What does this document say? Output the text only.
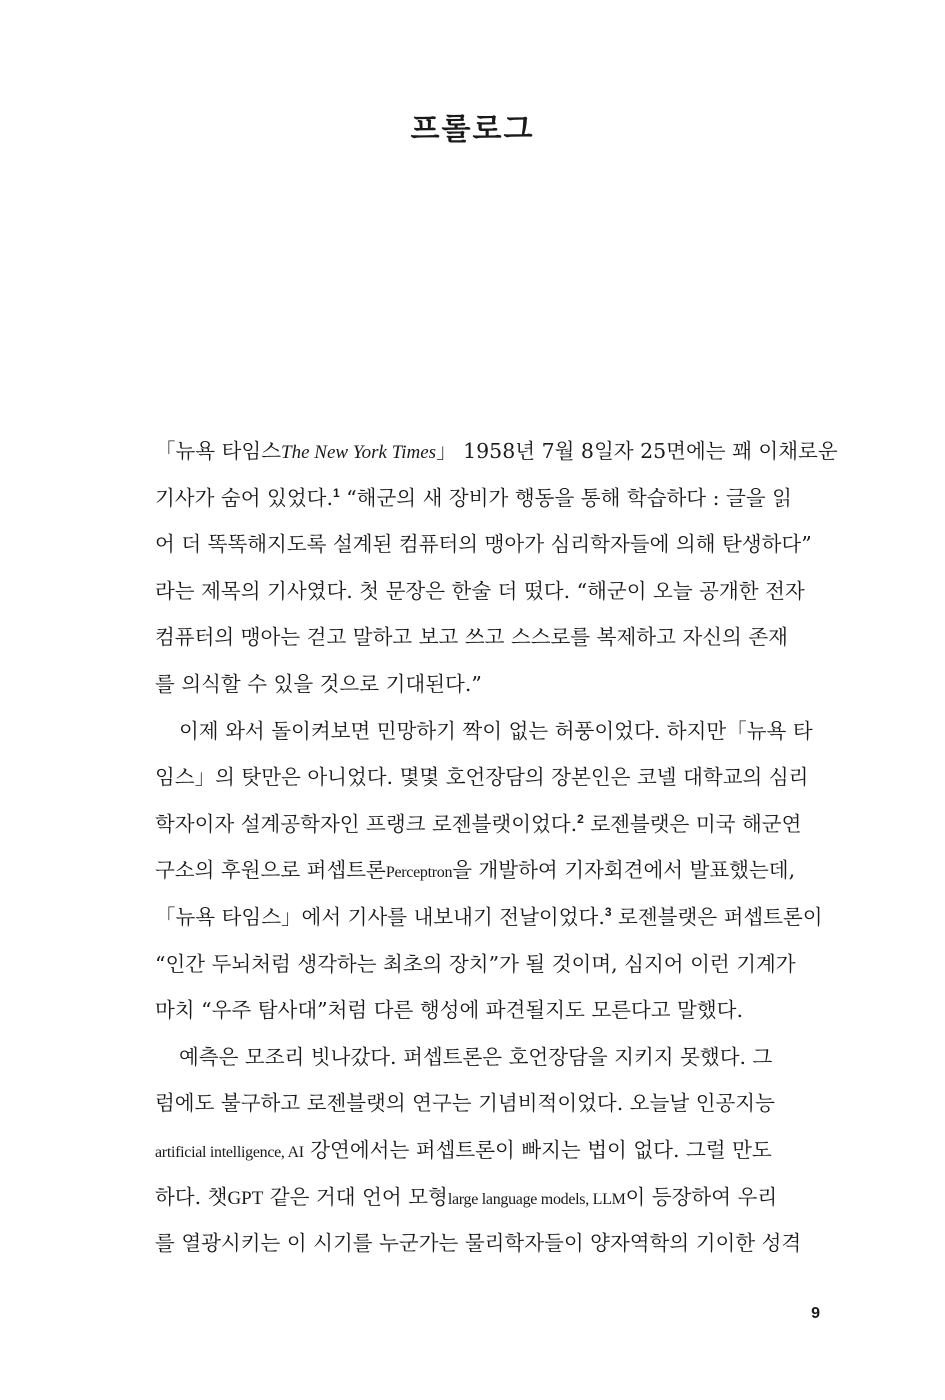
프롤로그
「뉴욕 타임스The New York Times」 1958년 7월 8일자 25면에는 꽤 이채로운
기사가 숨어 있었다.$^1$ “해군의 새 장비가 행동을 통해 학습하다 : 글을 읽
어 더 똑똑해지도록 설계된 컴퓨터의 맹아가 심리학자들에 의해 탄생하다”
라는 제목의 기사였다. 첫 문장은 한술 더 떴다. “해군이 오늘 공개한 전자
컴퓨터의 맹아는 걷고 말하고 보고 쓰고 스스로를 복제하고 자신의 존재
를 의식할 수 있을 것으로 기대된다.”
이제 와서 돌이켜보면 민망하기 짝이 없는 허풍이었다. 하지만「뉴욕 타
임스」의 탓만은 아니었다. 몇몇 호언장담의 장본인은 코넬 대학교의 심리
학자이자 설계공학자인 프랭크 로젠블랫이었다.$^2$ 로젠블랫은 미국 해군연
구소의 후원으로 퍼셉트론Perceptron을 개발하여 기자회견에서 발표했는데,
「뉴욕 타임스」에서 기사를 내보내기 전날이었다.$^3$ 로젠블랫은 퍼셉트론이
“인간 두뇌처럼 생각하는 최초의 장치”가 될 것이며, 심지어 이런 기계가
마치 “우주 탐사대”처럼 다른 행성에 파견될지도 모른다고 말했다.
예측은 모조리 빗나갔다. 퍼셉트론은 호언장담을 지키지 못했다. 그
럼에도 불구하고 로젠블랫의 연구는 기념비적이었다. 오늘날 인공지능
artificial intelligence, AI 강연에서는 퍼셉트론이 빠지는 법이 없다. 그럴 만도
하다. 챗GPT 같은 거대 언어 모형large language models, LLM이 등장하여 우리
를 열광시키는 이 시기를 누군가는 물리학자들이 양자역학의 기이한 성격
9
